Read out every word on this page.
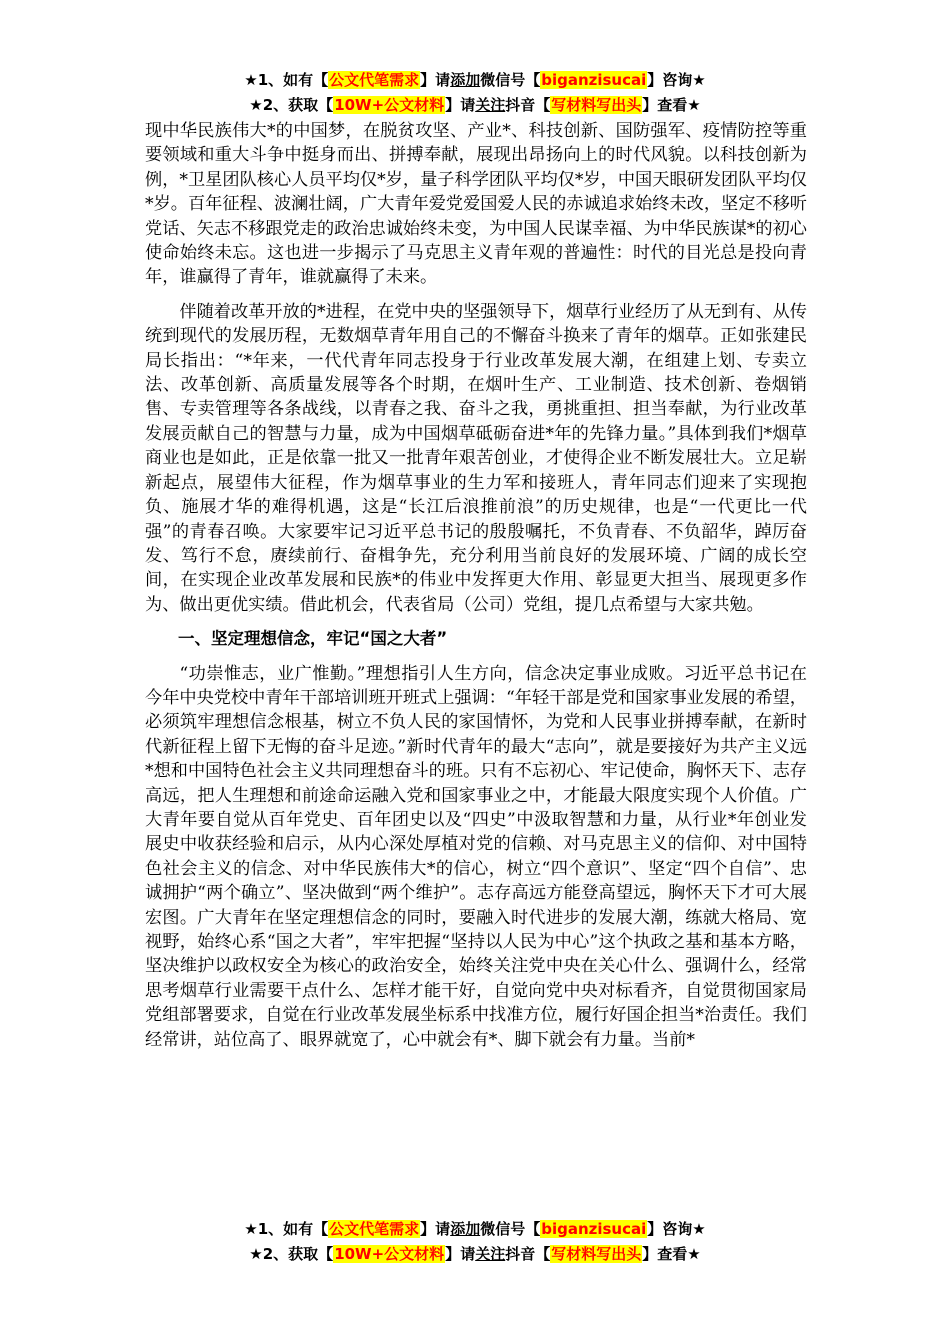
★1、如有【公文代笔需求】请添加微信号【biganzisucai】咨询★
★2、获取【10W+公文材料】请关注抖音【写材料写出头】查看★

现中华民族伟大*的中国梦，在脱贫攻坚、产业*、科技创新、国防强军、疫情防控等重要领域和重大斗争中挺身而出、拼搏奉献，展现出昂扬向上的时代风貌。以科技创新为例，*卫星团队核心人员平均仅*岁，量子科学团队平均仅*岁，中国天眼研发团队平均仅*岁。百年征程、波澜壮阔，广大青年爱党爱国爱人民的赤诚追求始终未改，坚定不移听党话、矢志不移跟党走的政治忠诚始终未变，为中国人民谋幸福、为中华民族谋*的初心使命始终未忘。这也进一步揭示了马克思主义青年观的普遍性：时代的目光总是投向青年，谁赢得了青年，谁就赢得了未来。

伴随着改革开放的*进程，在党中央的坚强领导下，烟草行业经历了从无到有、从传统到现代的发展历程，无数烟草青年用自己的不懈奋斗换来了青年的烟草。正如张建民局长指出：“*年来，一代代青年同志投身于行业改革发展大潮，在组建上划、专卖立法、改革创新、高质量发展等各个时期，在烟叶生产、工业制造、技术创新、卷烟销售、专卖管理等各条战线，以青春之我、奋斗之我，勇挑重担、担当奉献，为行业改革发展贡献自己的智慧与力量，成为中国烟草砥砺奋进*年的先锋力量。”具体到我们*烟草商业也是如此，正是依靠一批又一批青年艰苦创业，才使得企业不断发展壮大。立足崭新起点，展望伟大征程，作为烟草事业的生力军和接班人，青年同志们迎来了实现抱负、施展才华的难得机遇，这是“长江后浪推前浪”的历史规律，也是“一代更比一代强”的青春召唤。大家要牢记习近平总书记的殷殷嘱托，不负青春、不负韶华，踔厉奋发、笃行不怠，赓续前行、奋楫争先，充分利用当前良好的发展环境、广阔的成长空间，在实现企业改革发展和民族*的伟业中发挥更大作用、彰显更大担当、展现更多作为、做出更优实绩。借此机会，代表省局（公司）党组，提几点希望与大家共勉。

一、坚定理想信念，牢记“国之大者”

“功崇惟志，业广惟勤。”理想指引人生方向，信念决定事业成败。习近平总书记在今年中央党校中青年干部培训班开班式上强调：“年轻干部是党和国家事业发展的希望，必须筑牢理想信念根基，树立不负人民的家国情怀，为党和人民事业拼搏奉献，在新时代新征程上留下无悔的奋斗足迹。”新时代青年的最大“志向”，就是要接好为共产主义远*想和中国特色社会主义共同理想奋斗的班。只有不忘初心、牢记使命，胸怀天下、志存高远，把人生理想和前途命运融入党和国家事业之中，才能最大限度实现个人价值。广大青年要自觉从百年党史、百年团史以及“四史”中汲取智慧和力量，从行业*年创业发展史中收获经验和启示，从内心深处厚植对党的信赖、对马克思主义的信仰、对中国特色社会主义的信念、对中华民族伟大*的信心，树立“四个意识”、坚定“四个自信”、忠诚拥护“两个确立”、坚决做到“两个维护”。志存高远方能登高望远，胸怀天下才可大展宏图。广大青年在坚定理想信念的同时，要融入时代进步的发展大潮，练就大格局、宽视野，始终心系“国之大者”，牢牢把握“坚持以人民为中心”这个执政之基和基本方略，坚决维护以政权安全为核心的政治安全，始终关注党中央在关心什么、强调什么，经常思考烟草行业需要干点什么、怎样才能干好，自觉向党中央对标看齐，自觉贯彻国家局党组部署要求，自觉在行业改革发展坐标系中找准方位，履行好国企担当*治责任。我们经常讲，站位高了、眼界就宽了，心中就会有*、脚下就会有力量。当前*

★1、如有【公文代笔需求】请添加微信号【biganzisucai】咨询★
★2、获取【10W+公文材料】请关注抖音【写材料写出头】查看★
